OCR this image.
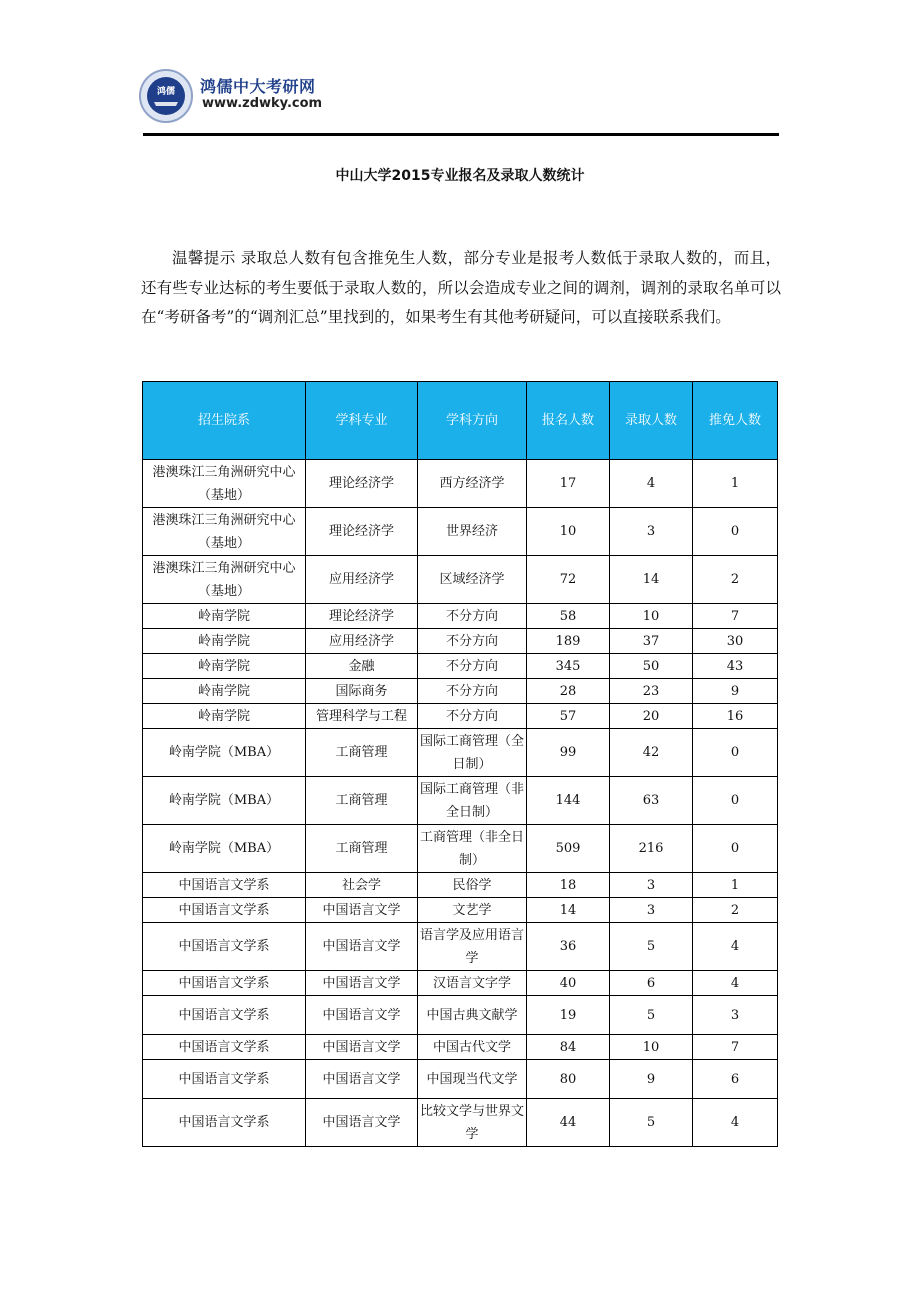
鸿儒 鸿儒中大考研网
www.zdwky.com
中山大学2015专业报名及录取人数统计

温馨提示 录取总人数有包含推免生人数，部分专业是报考人数低于录取人数的，而且，还有些专业达标的考生要低于录取人数的，所以会造成专业之间的调剂，调剂的录取名单可以在“考研备考”的“调剂汇总”里找到的，如果考生有其他考研疑问，可以直接联系我们。

招生院系	学科专业	学科方向	报名人数	录取人数	推免人数
港澳珠江三角洲研究中心（基地）	理论经济学	西方经济学	17	4	1
港澳珠江三角洲研究中心（基地）	理论经济学	世界经济	10	3	0
港澳珠江三角洲研究中心（基地）	应用经济学	区域经济学	72	14	2
岭南学院	理论经济学	不分方向	58	10	7
岭南学院	应用经济学	不分方向	189	37	30
岭南学院	金融	不分方向	345	50	43
岭南学院	国际商务	不分方向	28	23	9
岭南学院	管理科学与工程	不分方向	57	20	16
岭南学院（MBA）	工商管理	国际工商管理（全日制）	99	42	0
岭南学院（MBA）	工商管理	国际工商管理（非全日制）	144	63	0
岭南学院（MBA）	工商管理	工商管理（非全日制）	509	216	0
中国语言文学系	社会学	民俗学	18	3	1
中国语言文学系	中国语言文学	文艺学	14	3	2
中国语言文学系	中国语言文学	语言学及应用语言学	36	5	4
中国语言文学系	中国语言文学	汉语言文字学	40	6	4
中国语言文学系	中国语言文学	中国古典文献学	19	5	3
中国语言文学系	中国语言文学	中国古代文学	84	10	7
中国语言文学系	中国语言文学	中国现当代文学	80	9	6
中国语言文学系	中国语言文学	比较文学与世界文学	44	5	4
